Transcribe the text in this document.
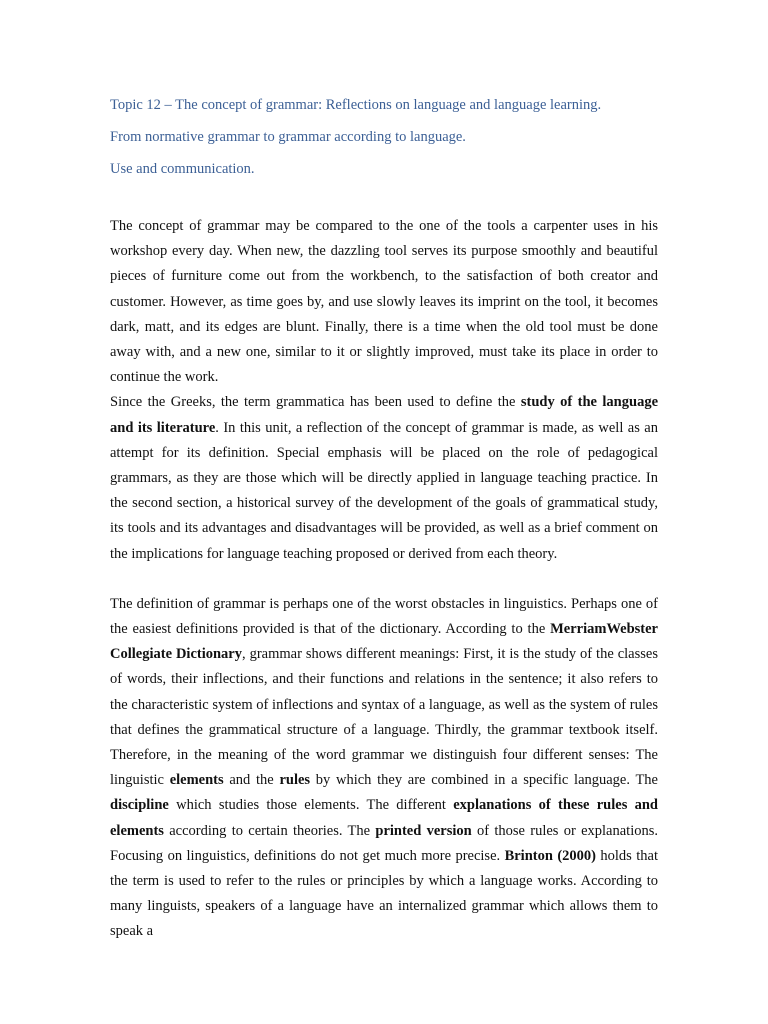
Topic 12 – The concept of grammar: Reflections on language and language learning.

From normative grammar to grammar according to language.

Use and communication.

The concept of grammar may be compared to the one of the tools a carpenter uses in his workshop every day. When new, the dazzling tool serves its purpose smoothly and beautiful pieces of furniture come out from the workbench, to the satisfaction of both creator and customer. However, as time goes by, and use slowly leaves its imprint on the tool, it becomes dark, matt, and its edges are blunt. Finally, there is a time when the old tool must be done away with, and a new one, similar to it or slightly improved, must take its place in order to continue the work.

Since the Greeks, the term grammatica has been used to define the study of the language and its literature. In this unit, a reflection of the concept of grammar is made, as well as an attempt for its definition. Special emphasis will be placed on the role of pedagogical grammars, as they are those which will be directly applied in language teaching practice. In the second section, a historical survey of the development of the goals of grammatical study, its tools and its advantages and disadvantages will be provided, as well as a brief comment on the implications for language teaching proposed or derived from each theory.

The definition of grammar is perhaps one of the worst obstacles in linguistics. Perhaps one of the easiest definitions provided is that of the dictionary. According to the MerriamWebster Collegiate Dictionary, grammar shows different meanings: First, it is the study of the classes of words, their inflections, and their functions and relations in the sentence; it also refers to the characteristic system of inflections and syntax of a language, as well as the system of rules that defines the grammatical structure of a language. Thirdly, the grammar textbook itself. Therefore, in the meaning of the word grammar we distinguish four different senses: The linguistic elements and the rules by which they are combined in a specific language. The discipline which studies those elements. The different explanations of these rules and elements according to certain theories. The printed version of those rules or explanations. Focusing on linguistics, definitions do not get much more precise. Brinton (2000) holds that the term is used to refer to the rules or principles by which a language works. According to many linguists, speakers of a language have an internalized grammar which allows them to speak a
